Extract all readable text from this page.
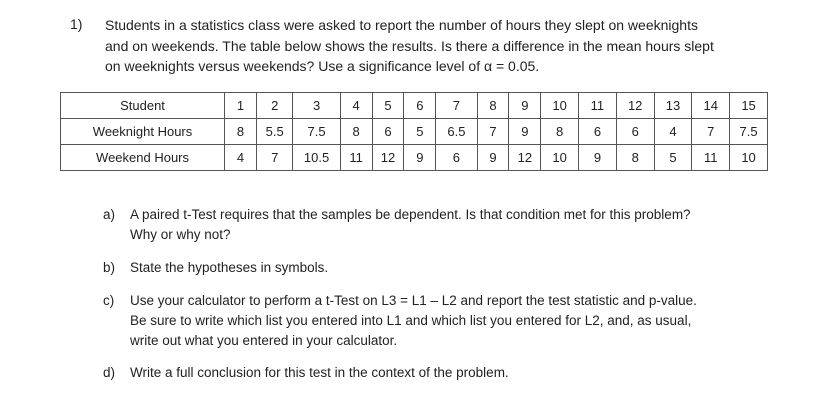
1) Students in a statistics class were asked to report the number of hours they slept on weeknights
and on weekends. The table below shows the results. Is there a difference in the mean hours slept
on weeknights versus weekends? Use a significance level of α = 0.05.
Student	1	2	3	4	5	6	7	8	9	10	11	12	13	14	15
Weeknight Hours	8	5.5	7.5	8	6	5	6.5	7	9	8	6	6	4	7	7.5
Weekend Hours	4	7	10.5	11	12	9	6	9	12	10	9	8	5	11	10
a) A paired t-Test requires that the samples be dependent. Is that condition met for this problem?
Why or why not?
b) State the hypotheses in symbols.
c) Use your calculator to perform a t-Test on L3 = L1 – L2 and report the test statistic and p-value.
Be sure to write which list you entered into L1 and which list you entered for L2, and, as usual,
write out what you entered in your calculator.
d) Write a full conclusion for this test in the context of the problem.
